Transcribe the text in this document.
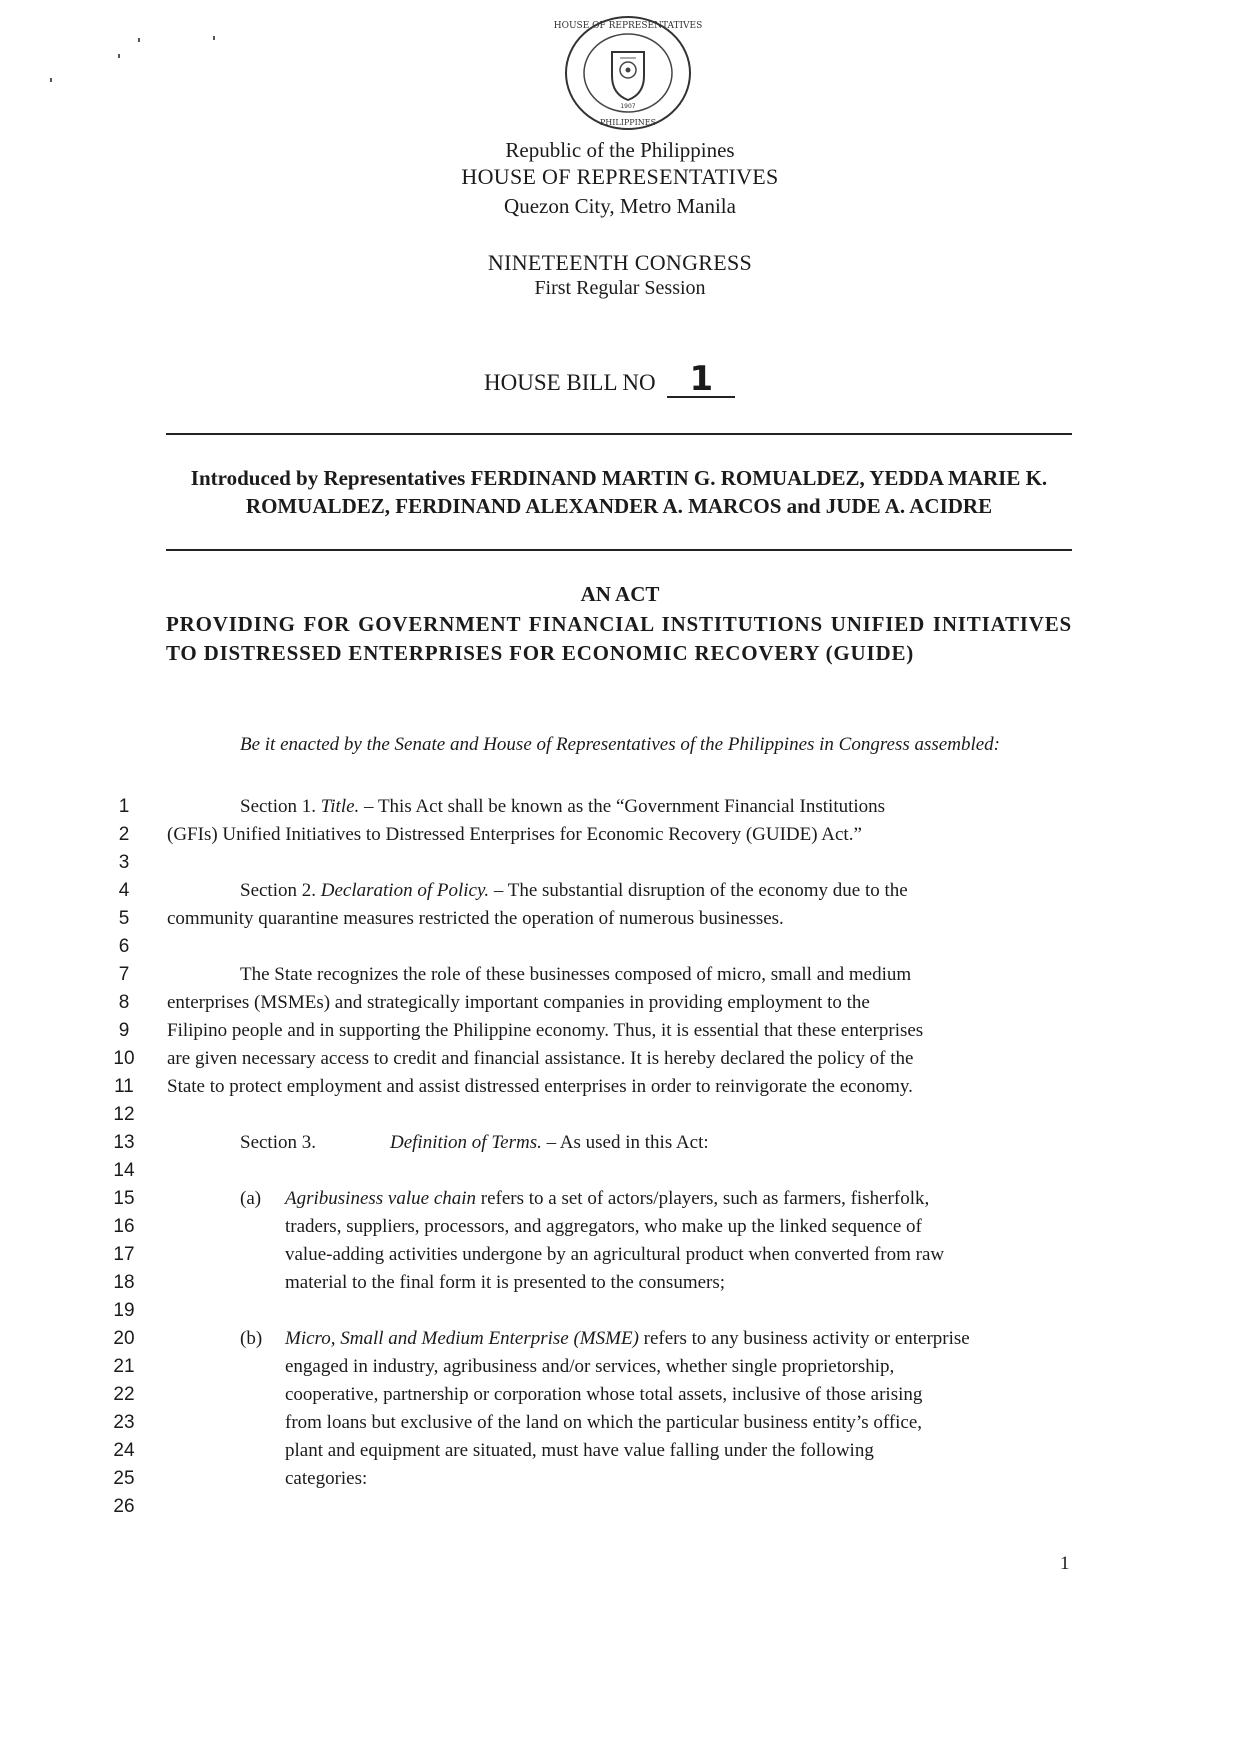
1907
HOUSE OF REPRESENTATIVES
PHILIPPINES
Republic of the Philippines
HOUSE OF REPRESENTATIVES
Quezon City, Metro Manila
NINETEENTH CONGRESS
First Regular Session
HOUSE BILL NO 1
Introduced by Representatives FERDINAND MARTIN G. ROMUALDEZ, YEDDA MARIE K. ROMUALDEZ, FERDINAND ALEXANDER A. MARCOS and JUDE A. ACIDRE
AN ACT
PROVIDING FOR GOVERNMENT FINANCIAL INSTITUTIONS UNIFIED INITIATIVES TO DISTRESSED ENTERPRISES FOR ECONOMIC RECOVERY (GUIDE)
Be it enacted by the Senate and House of Representatives of the Philippines in Congress assembled:
1
2
3
4
5
6
7
8
9
10
11
12
13
14
15
16
17
18
19
20
21
22
23
24
25
26
Section 1. Title. – This Act shall be known as the “Government Financial Institutions
(GFIs) Unified Initiatives to Distressed Enterprises for Economic Recovery (GUIDE) Act.”
Section 2. Declaration of Policy. – The substantial disruption of the economy due to the
community quarantine measures restricted the operation of numerous businesses.
The State recognizes the role of these businesses composed of micro, small and medium
enterprises (MSMEs) and strategically important companies in providing employment to the
Filipino people and in supporting the Philippine economy. Thus, it is essential that these enterprises
are given necessary access to credit and financial assistance. It is hereby declared the policy of the
State to protect employment and assist distressed enterprises in order to reinvigorate the economy.
Section 3.	Definition of Terms. – As used in this Act:
(a) Agribusiness value chain refers to a set of actors/players, such as farmers, fisherfolk,
traders, suppliers, processors, and aggregators, who make up the linked sequence of
value-adding activities undergone by an agricultural product when converted from raw
material to the final form it is presented to the consumers;
(b) Micro, Small and Medium Enterprise (MSME) refers to any business activity or enterprise
engaged in industry, agribusiness and/or services, whether single proprietorship,
cooperative, partnership or corporation whose total assets, inclusive of those arising
from loans but exclusive of the land on which the particular business entity’s office,
plant and equipment are situated, must have value falling under the following
categories:
1
